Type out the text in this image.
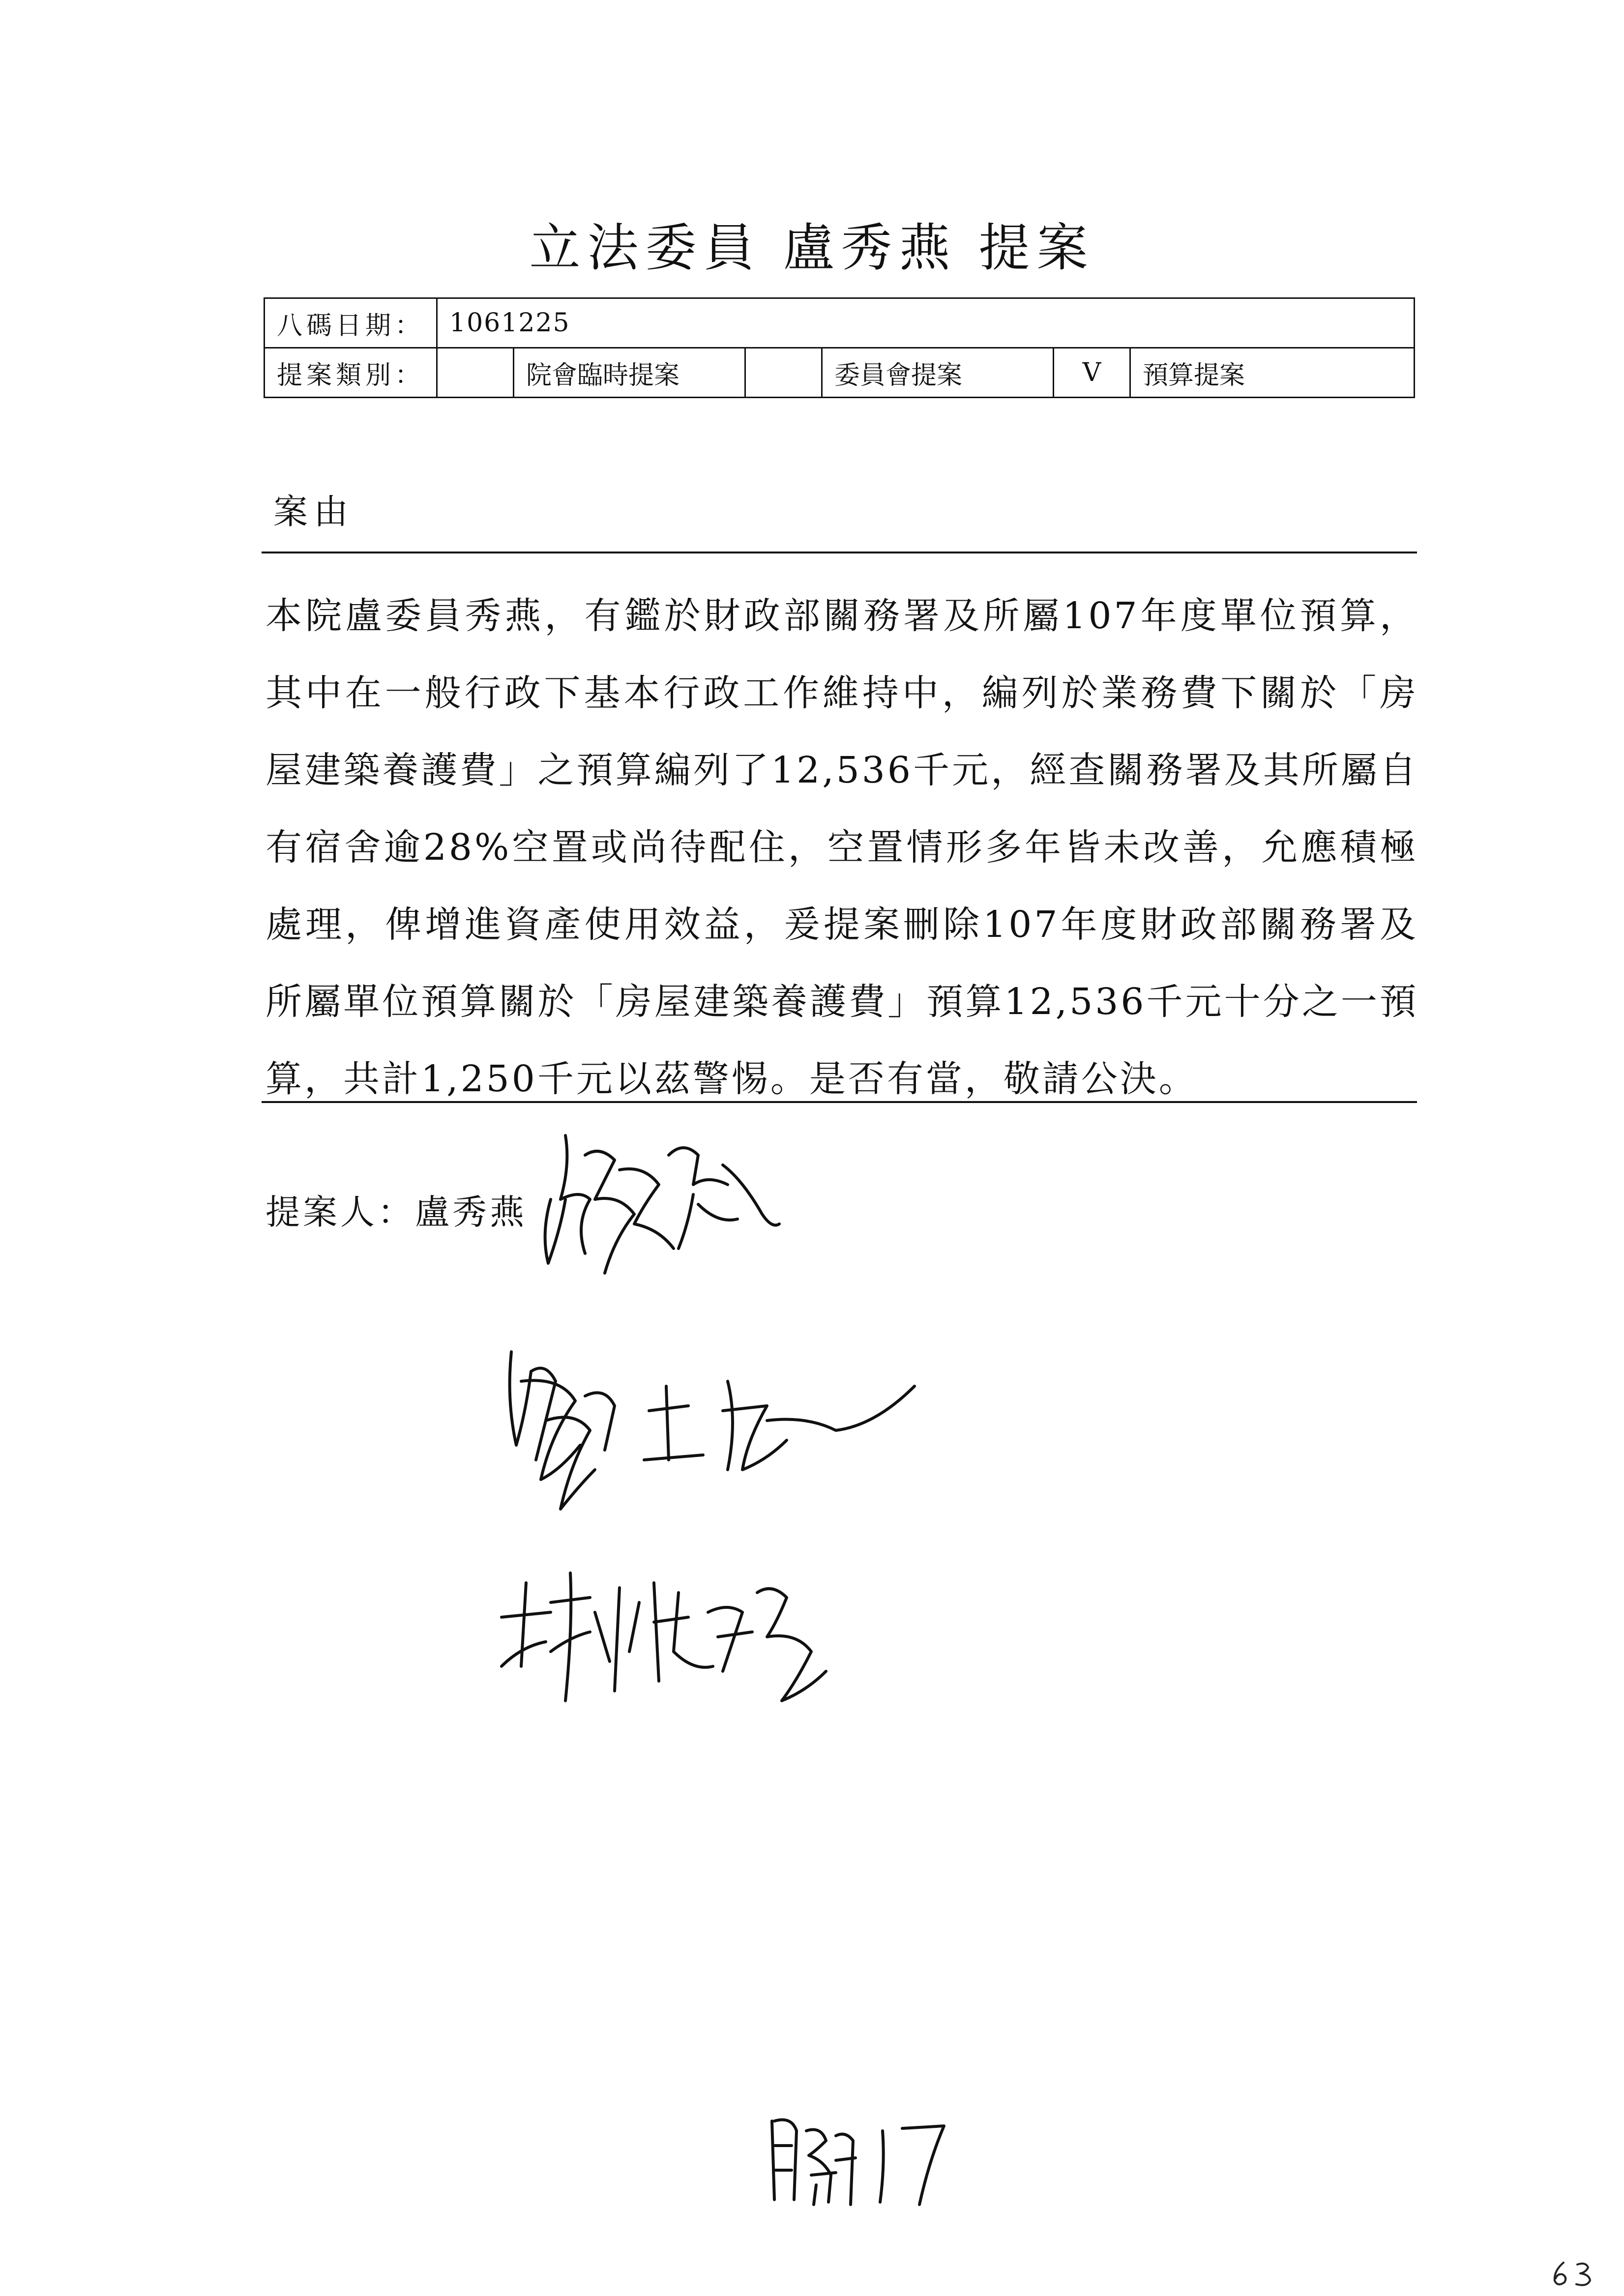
立法委員 盧秀燕 提案
八碼日期：	1061225					
提案類別：		院會臨時提案		委員會提案	V	預算提案
案由

本院盧委員秀燕，有鑑於財政部關務署及所屬107年度單位預算，其中在一般行政下基本行政工作維持中，編列於業務費下關於「房屋建築養護費」之預算編列了12,536千元，經查關務署及其所屬自有宿舍逾28%空置或尚待配住，空置情形多年皆未改善，允應積極處理，俾增進資產使用效益，爰提案刪除107年度財政部關務署及所屬單位預算關於「房屋建築養護費」預算12,536千元十分之一預算，共計1,250千元以茲警惕。是否有當，敬請公決。

提案人：盧秀燕
